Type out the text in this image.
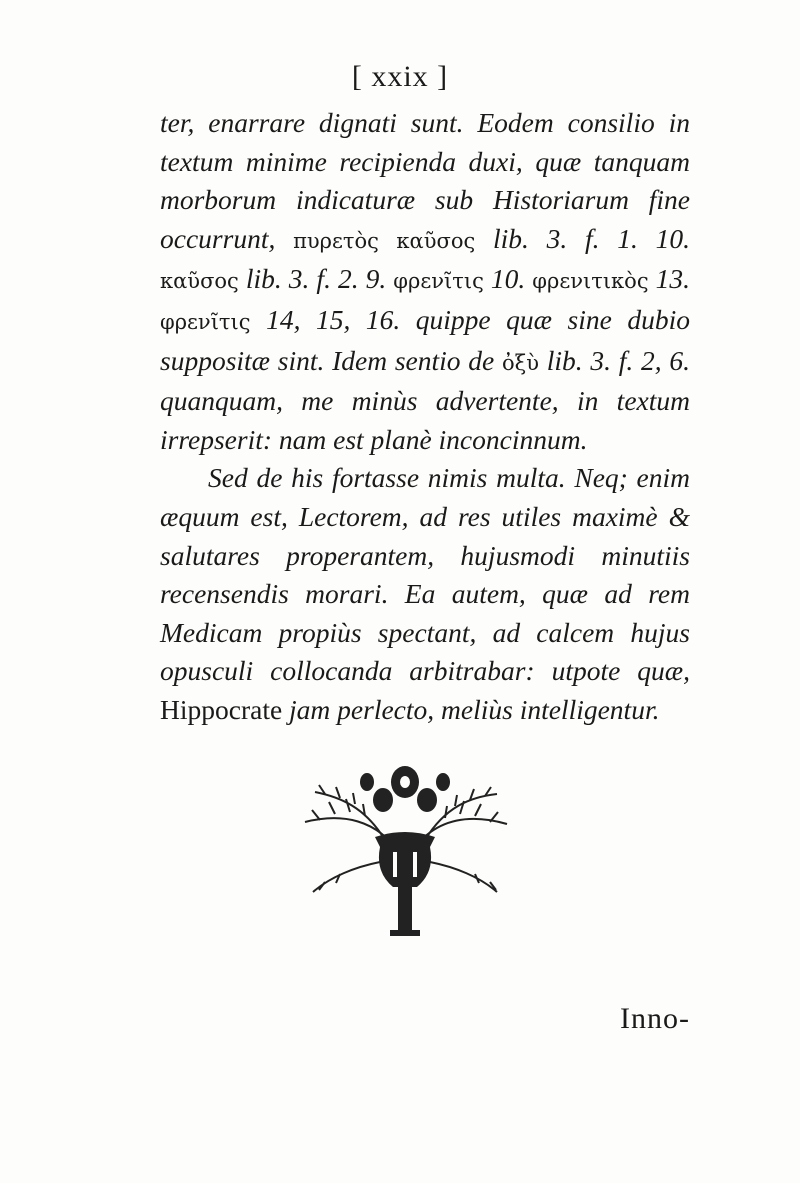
[ xxix ]

ter, enarrare dignati sunt. Eodem consilio in textum minime recipienda duxi, quæ tanquam morborum indicaturæ sub Historiarum fine occurrunt, πυρετὸς καῦσος lib. 3. f. 1. 10. καῦσος lib. 3. f. 2. 9. φρενῖτις 10. φρενιτικὸς 13. φρενῖτις 14, 15, 16. quippe quæ sine dubio suppositæ sint. Idem sentio de ὀξὺ lib. 3. f. 2, 6. quanquam, me minùs advertente, in textum irrepserit: nam est planè inconcinnum.

Sed de his fortasse nimis multa. Neq; enim æquum est, Lectorem, ad res utiles maximè & salutares properantem, hujusmodi minutiis recensendis morari. Ea autem, quæ ad rem Medicam propiùs spectant, ad calcem hujus opusculi collocanda arbitrabar: utpote quæ, Hippocrate jam perlecto, meliùs intelligentur.

Inno-
